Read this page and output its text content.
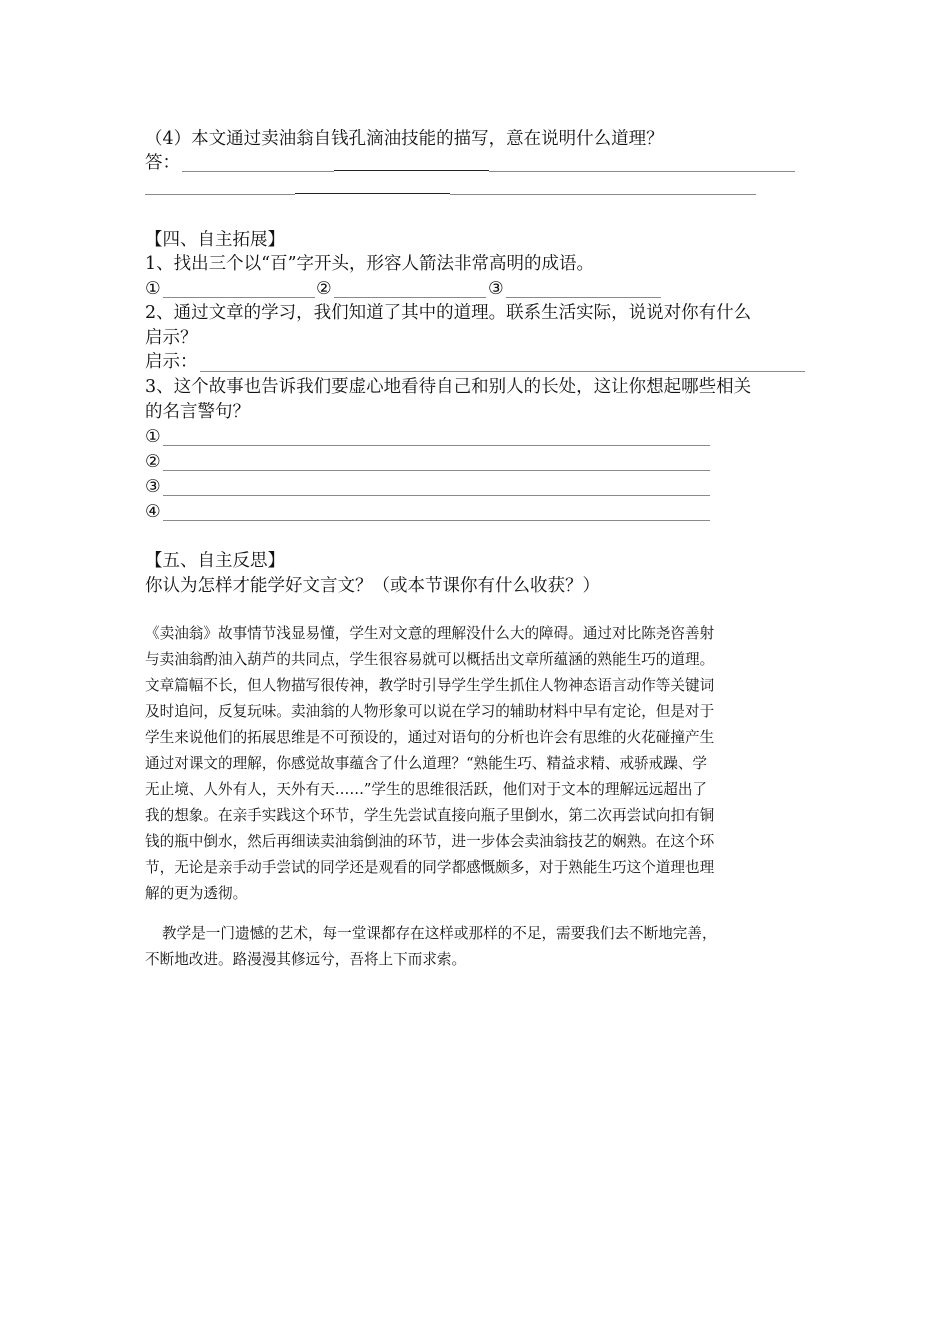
（4）本文通过卖油翁自钱孔滴油技能的描写，意在说明什么道理？
答：
【四、自主拓展】
1、找出三个以“百”字开头，形容人箭法非常高明的成语。
①	②	③
2、通过文章的学习，我们知道了其中的道理。联系生活实际，说说对你有什么
启示？
启示：
3、这个故事也告诉我们要虚心地看待自己和别人的长处，这让你想起哪些相关
的名言警句？
①
②
③
④
【五、自主反思】
你认为怎样才能学好文言文？（或本节课你有什么收获？）
《卖油翁》故事情节浅显易懂，学生对文意的理解没什么大的障碍。通过对比陈尧咨善射
与卖油翁酌油入葫芦的共同点，学生很容易就可以概括出文章所蕴涵的熟能生巧的道理。
文章篇幅不长，但人物描写很传神，教学时引导学生学生抓住人物神态语言动作等关键词
及时追问，反复玩味。卖油翁的人物形象可以说在学习的辅助材料中早有定论，但是对于
学生来说他们的拓展思维是不可预设的，通过对语句的分析也许会有思维的火花碰撞产生
通过对课文的理解，你感觉故事蕴含了什么道理？“熟能生巧、精益求精、戒骄戒躁、学
无止境、人外有人，天外有天……”学生的思维很活跃，他们对于文本的理解远远超出了
我的想象。在亲手实践这个环节，学生先尝试直接向瓶子里倒水，第二次再尝试向扣有铜
钱的瓶中倒水，然后再细读卖油翁倒油的环节，进一步体会卖油翁技艺的娴熟。在这个环
节，无论是亲手动手尝试的同学还是观看的同学都感慨颇多，对于熟能生巧这个道理也理
解的更为透彻。
教学是一门遗憾的艺术，每一堂课都存在这样或那样的不足，需要我们去不断地完善，
不断地改进。路漫漫其修远兮，吾将上下而求索。
